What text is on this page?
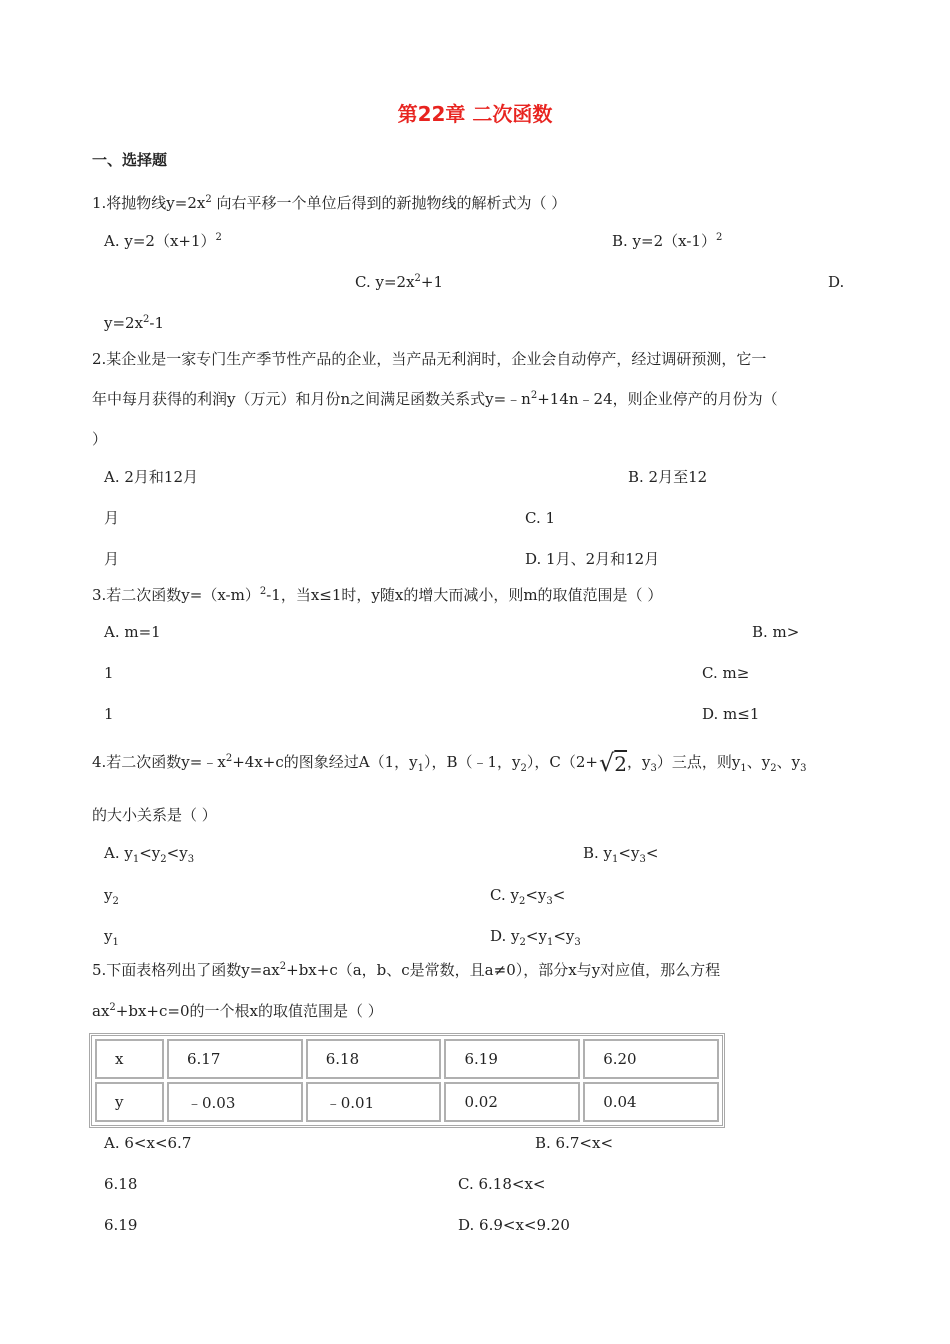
第22章 二次函数
一、选择题
1.将抛物线$y=2x^2$ 向右平移一个单位后得到的新抛物线的解析式为（ ）
A. $y=2(x+1)^2$	B. $y=2(x-1)^2$
C. $y=2x^2+1$	D.
$y=2x^2-1$
2.某企业是一家专门生产季节性产品的企业，当产品无利润时，企业会自动停产，经过调研预测，它一
年中每月获得的利润y（万元）和月份n之间满足函数关系式$y=﹣n^2+14n﹣24$，则企业停产的月份为（
）
A. 2月和12月	B. 2月至12
月	C. 1
月	D. 1月、2月和12月
3.若二次函数$y=(x-m)^2-1$，当x≤1时，y随x的增大而减小，则m的取值范围是（ ）
A. m=1	B. m>
1	C. m≥
1	D. m≤1
4.若二次函数$y=﹣x^2+4x+c$的图象经过A（1，$y_1$），B（﹣1，$y_2$），C（2+√2，$y_3$）三点，则$y_1$、$y_2$、$y_3$
的大小关系是（ ）
A. $y_1<y_2<y_3$	B. $y_1<y_3<$
$y_2$	C. $y_2<y_3<$
$y_1$	D. $y_2<y_1<y_3$
5.下面表格列出了函数$y=ax^2+bx+c(a$，b、c是常数，且a≠0），部分x与y对应值，那么方程
$ax^2+bx+c=0$的一个根x的取值范围是（ ）
x	6.17	6.18	6.19	6.20
y	﹣0.03	﹣0.01	0.02	0.04
A. 6<x<6.7	B. 6.7<x<
6.18	C. 6.18<x<
6.19	D. 6.9<x<9.20
